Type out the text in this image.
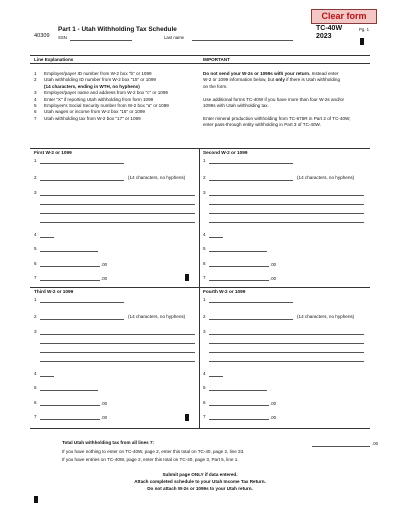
Clear form
40309
Part 1 - Utah Withholding Tax Schedule
SSN	Last name
TC-40W	Pg. 1
2023
Line Explanations	IMPORTANT
1	Employer/payer ID number from W-2 box "b" or 1099
2	Utah withholding ID number from W-2 box "15" or 1099
(14 characters, ending in WTH, no hyphens)
3	Employer/payer name and address from W-2 box "c" or 1099
4	Enter "X" if reporting Utah withholding from form 1099
5	Employee's Social Security number from W-2 box "a" or 1099
6	Utah wages or income from W-2 box "16" or 1099
7	Utah withholding tax from W-2 box "17" or 1099
Do not send your W-2s or 1099s with your return. Instead enter
W-2 or 1099 information below, but only if there is Utah withholding
on the form.
Use additional forms TC-40W if you have more than four W-2s and/or
1099s with Utah withholding tax.
Enter mineral production withholding from TC-675R in Part 2 of TC-40W;
enter pass-through entity withholding in Part 3 of TC-40W.
First W-2 or 1099
1
2	(14 characters, no hyphens)
3
4
5
6	.00
7	.00
Second W-2 or 1099
1
2	(14 characters, no hyphens)
3
4
5
6	.00
7	.00
Third W-2 or 1099
1
2	(14 characters, no hyphens)
3
4
5
6	.00
7	.00
Fourth W-2 or 1099
1
2	(14 characters, no hyphens)
3
4
5
6	.00
7	.00
Total Utah withholding tax from all lines 7:	.00
If you have nothing to enter on TC-40W, page 2, enter this total on TC-40, page 2, line 33.
If you have entries on TC-40W, page 2, enter this total on TC-40, page 3, Part 5, line 1.
Submit page ONLY if data entered.
Attach completed schedule to your Utah Income Tax Return.
Do not attach W-2s or 1099s to your Utah return.
